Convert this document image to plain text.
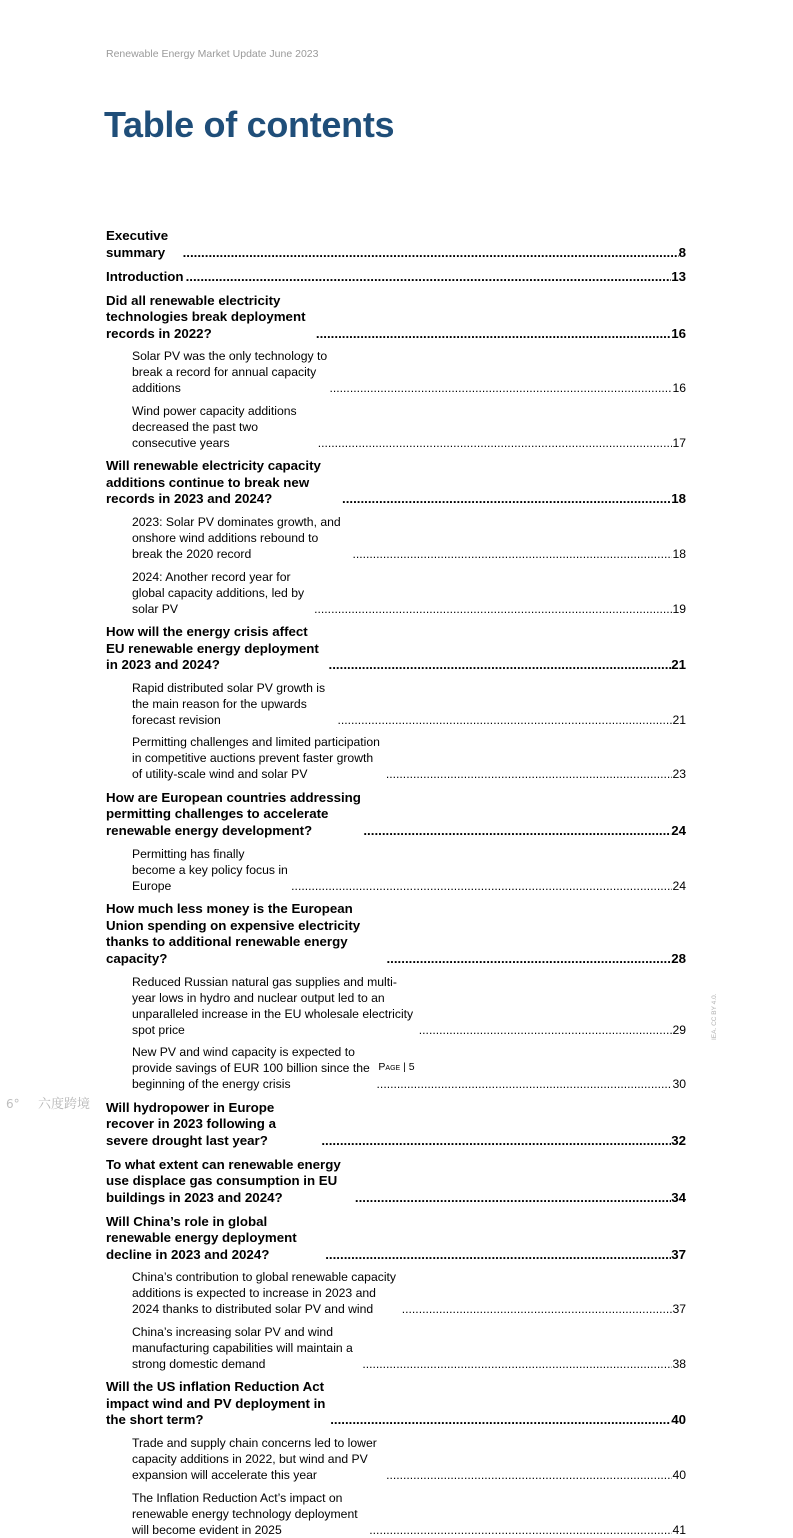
Renewable Energy Market Update June 2023
Table of contents
Executive summary .....	8
Introduction .....	13
Did all renewable electricity technologies break deployment records in 2022? .....	16
Solar PV was the only technology to break a record for annual capacity additions .....	16
Wind power capacity additions decreased the past two consecutive years .....	17
Will renewable electricity capacity additions continue to break new records in 2023 and 2024? .....	18
2023: Solar PV dominates growth, and onshore wind additions rebound to break the 2020 record .....	18
2024: Another record year for global capacity additions, led by solar PV .....	19
How will the energy crisis affect EU renewable energy deployment in 2023 and 2024? .....	21
Rapid distributed solar PV growth is the main reason for the upwards forecast revision .....	21
Permitting challenges and limited participation in competitive auctions prevent faster growth of utility-scale wind and solar PV .....	23
How are European countries addressing permitting challenges to accelerate renewable energy development? .....	24
Permitting has finally become a key policy focus in Europe .....	24
How much less money is the European Union spending on expensive electricity thanks to additional renewable energy capacity? .....	28
Reduced Russian natural gas supplies and multi-year lows in hydro and nuclear output led to an unparalleled increase in the EU wholesale electricity spot price .....	29
New PV and wind capacity is expected to provide savings of EUR 100 billion since the beginning of the energy crisis .....	30
Will hydropower in Europe recover in 2023 following a severe drought last year? .....	32
To what extent can renewable energy use displace gas consumption in EU buildings in 2023 and 2024? .....	34
Will China’s role in global renewable energy deployment decline in 2023 and 2024? .....	37
China’s contribution to global renewable capacity additions is expected to increase in 2023 and 2024 thanks to distributed solar PV and wind .....	37
China’s increasing solar PV and wind manufacturing capabilities will maintain a strong domestic demand .....	38
Will the US inflation Reduction Act impact wind and PV deployment in the short term? .....	40
Trade and supply chain concerns led to lower capacity additions in 2022, but wind and PV expansion will accelerate this year .....	40
The Inflation Reduction Act’s impact on renewable energy technology deployment will become evident in 2025 .....	41
IEA. CC BY 4.0.
Page | 5
6° 六度跨境
